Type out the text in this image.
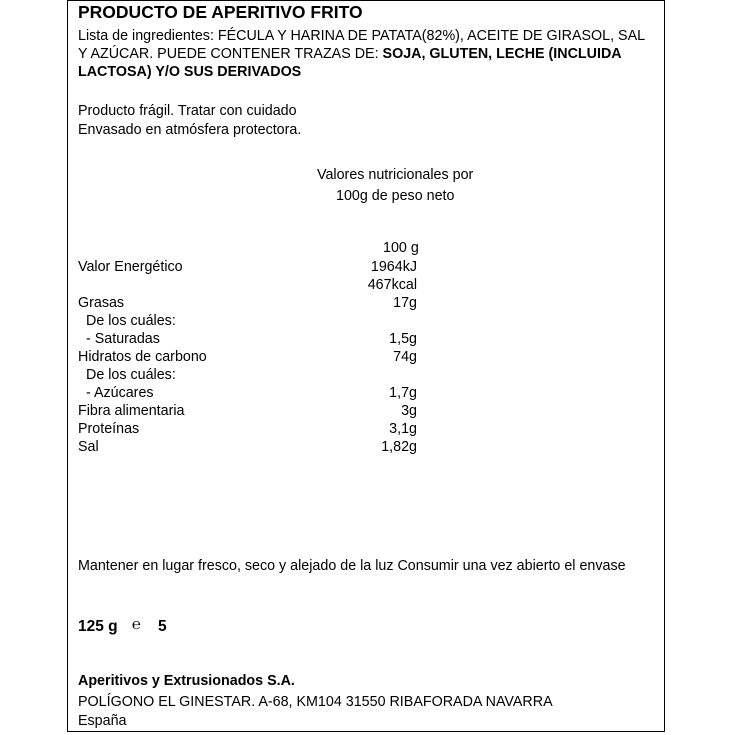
PRODUCTO DE APERITIVO FRITO
Lista de ingredientes: FÉCULA Y HARINA DE PATATA(82%), ACEITE DE GIRASOL, SAL Y AZÚCAR. PUEDE CONTENER TRAZAS DE: SOJA, GLUTEN, LECHE (INCLUIDA LACTOSA) Y/O SUS DERIVADOS
Producto frágil. Tratar con cuidado
Envasado en atmósfera protectora.
Valores nutricionales por
100g de peso neto
100 g
Valor Energético	1964kJ
467kcal
Grasas	17g
De los cuáles:
- Saturadas	1,5g
Hidratos de carbono	74g
De los cuáles:
- Azúcares	1,7g
Fibra alimentaria	3g
Proteínas	3,1g
Sal	1,82g
Mantener en lugar fresco, seco y alejado de la luz Consumir una vez abierto el envase
125 g ℮ 5
Aperitivos y Extrusionados S.A.
POLÍGONO EL GINESTAR. A-68, KM104 31550 RIBAFORADA NAVARRA
España
